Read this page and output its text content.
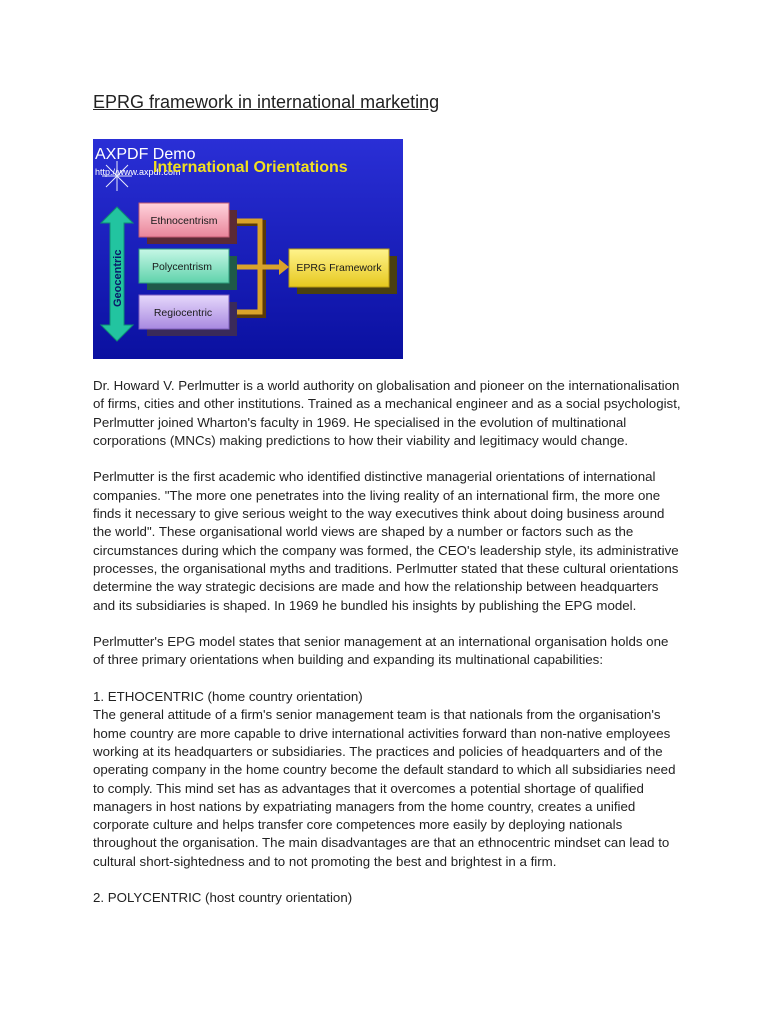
EPRG framework in international marketing
AXPDF Demo
http://www.axpdf.com
International Orientations
Geocentric
Ethnocentrism
Polycentrism
Regiocentric
EPRG Framework

Dr. Howard V. Perlmutter is a world authority on globalisation and pioneer on the internationalisation of firms, cities and other institutions. Trained as a mechanical engineer and as a social psychologist, Perlmutter joined Wharton's faculty in 1969. He specialised in the evolution of multinational corporations (MNCs) making predictions to how their viability and legitimacy would change.

Perlmutter is the first academic who identified distinctive managerial orientations of international companies. "The more one penetrates into the living reality of an international firm, the more one finds it necessary to give serious weight to the way executives think about doing business around the world". These organisational world views are shaped by a number or factors such as the circumstances during which the company was formed, the CEO's leadership style, its administrative processes, the organisational myths and traditions. Perlmutter stated that these cultural orientations determine the way strategic decisions are made and how the relationship between headquarters and its subsidiaries is shaped. In 1969 he bundled his insights by publishing the EPG model.

Perlmutter's EPG model states that senior management at an international organisation holds one of three primary orientations when building and expanding its multinational capabilities:

1. ETHOCENTRIC (home country orientation)
The general attitude of a firm's senior management team is that nationals from the organisation's home country are more capable to drive international activities forward than non-native employees working at its headquarters or subsidiaries. The practices and policies of headquarters and of the operating company in the home country become the default standard to which all subsidiaries need to comply. This mind set has as advantages that it overcomes a potential shortage of qualified managers in host nations by expatriating managers from the home country, creates a unified corporate culture and helps transfer core competences more easily by deploying nationals throughout the organisation. The main disadvantages are that an ethnocentric mindset can lead to cultural short-sightedness and to not promoting the best and brightest in a firm.

2. POLYCENTRIC (host country orientation)
